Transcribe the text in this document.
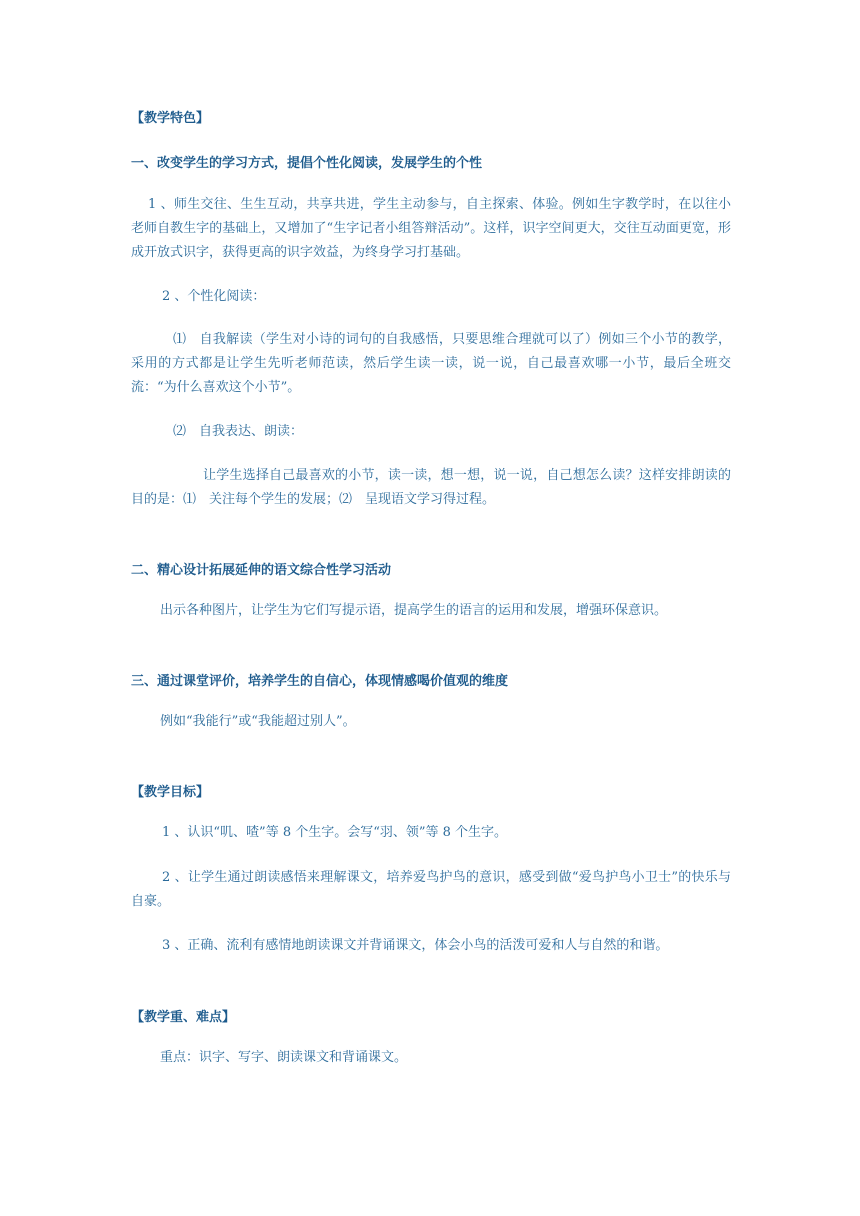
【教学特色】
一、改变学生的学习方式，提倡个性化阅读，发展学生的个性

1 、师生交往、生生互动，共享共进，学生主动参与，自主探索、体验。例如生字教学时，在以往小老师自教生字的基础上，又增加了“生字记者小组答辩活动”。这样，识字空间更大，交往互动面更宽，形成开放式识字，获得更高的识字效益，为终身学习打基础。

2 、个性化阅读：

⑴　自我解读（学生对小诗的词句的自我感悟，只要思维合理就可以了）例如三个小节的教学，采用的方式都是让学生先听老师范读，然后学生读一读，说一说，自己最喜欢哪一小节，最后全班交流：“为什么喜欢这个小节”。

⑵　自我表达、朗读：

让学生选择自己最喜欢的小节，读一读，想一想，说一说，自己想怎么读？这样安排朗读的目的是：⑴　关注每个学生的发展；⑵　呈现语文学习得过程。

二、精心设计拓展延伸的语文综合性学习活动

出示各种图片，让学生为它们写提示语，提高学生的语言的运用和发展，增强环保意识。

三、通过课堂评价，培养学生的自信心，体现情感喝价值观的维度

例如“我能行”或“我能超过别人”。

【教学目标】

1 、认识“叽、喳”等 8 个生字。会写“羽、领”等 8 个生字。

2 、让学生通过朗读感悟来理解课文，培养爱鸟护鸟的意识，感受到做“爱鸟护鸟小卫士”的快乐与自豪。

3 、正确、流利有感情地朗读课文并背诵课文，体会小鸟的活泼可爱和人与自然的和谐。

【教学重、难点】

重点：识字、写字、朗读课文和背诵课文。
